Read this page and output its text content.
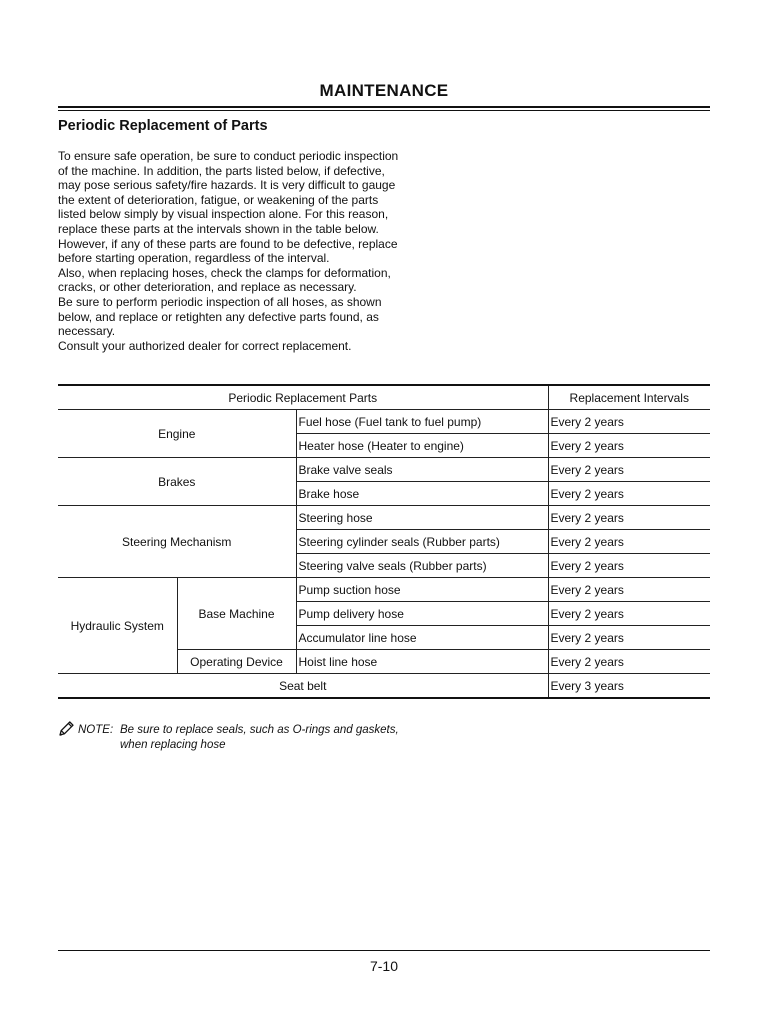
MAINTENANCE
Periodic Replacement of Parts

To ensure safe operation, be sure to conduct periodic inspection of the machine. In addition, the parts listed below, if defective, may pose serious safety/fire hazards. It is very difficult to gauge the extent of deterioration, fatigue, or weakening of the parts listed below simply by visual inspection alone. For this reason, replace these parts at the intervals shown in the table below. However, if any of these parts are found to be defective, replace before starting operation, regardless of the interval.

Also, when replacing hoses, check the clamps for deformation, cracks, or other deterioration, and replace as necessary.

Be sure to perform periodic inspection of all hoses, as shown below, and replace or retighten any defective parts found, as necessary.

Consult your authorized dealer for correct replacement.

Periodic Replacement Parts			Replacement Intervals
Engine		Fuel hose (Fuel tank to fuel pump)	Every 2 years
		Heater hose (Heater to engine)	Every 2 years
Brakes		Brake valve seals	Every 2 years
		Brake hose	Every 2 years
Steering Mechanism		Steering hose	Every 2 years
		Steering cylinder seals (Rubber parts)	Every 2 years
		Steering valve seals (Rubber parts)	Every 2 years
Hydraulic System	Base Machine	Pump suction hose	Every 2 years
		Pump delivery hose	Every 2 years
		Accumulator line hose	Every 2 years
	Operating Device	Hoist line hose	Every 2 years
Seat belt			Every 3 years
NOTE: Be sure to replace seals, such as O-rings and gaskets, when replacing hose
7-10
